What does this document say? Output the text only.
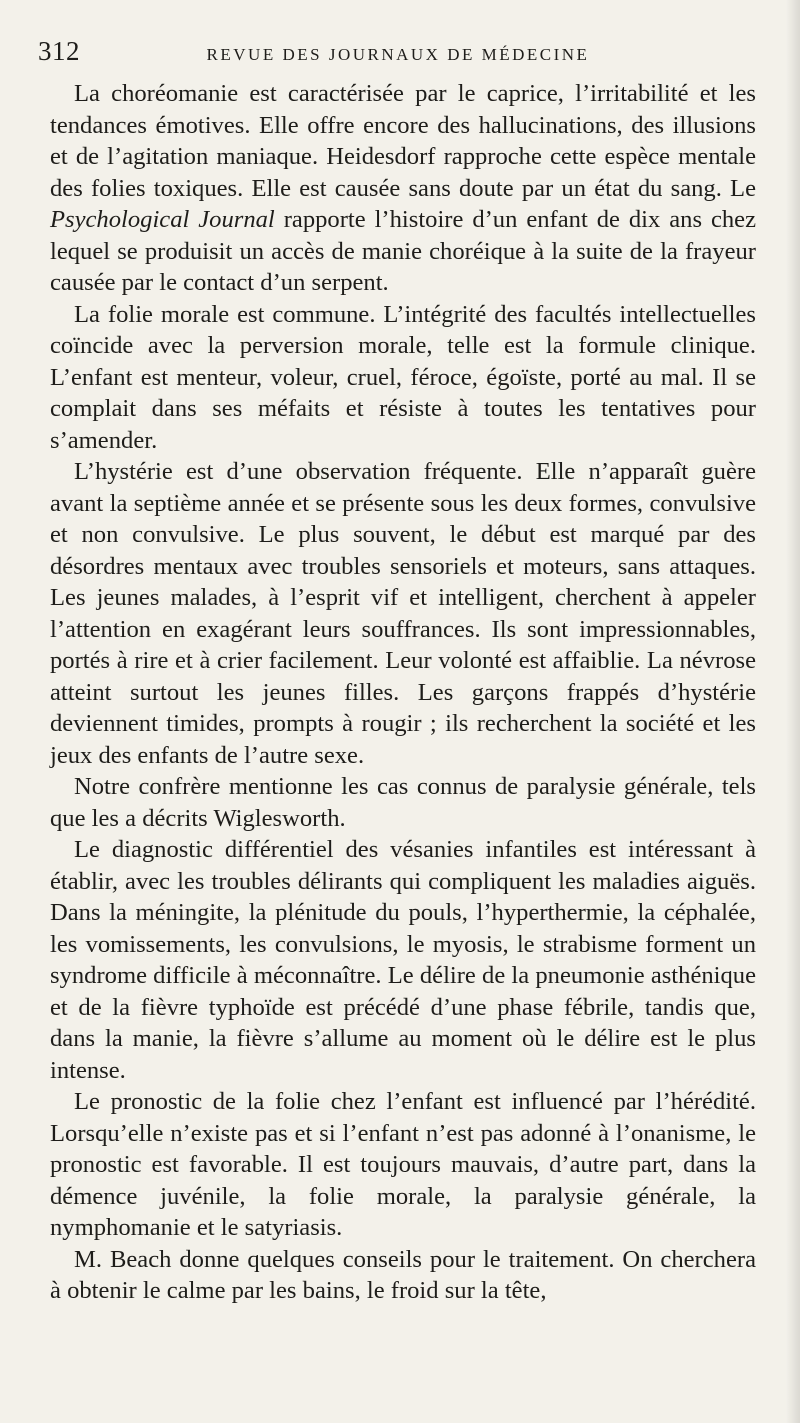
312	REVUE DES JOURNAUX DE MÉDECINE

La choréomanie est caractérisée par le caprice, l’irritabilité et les tendances émotives. Elle offre encore des hallucinations, des illusions et de l’agitation maniaque. Heidesdorf rapproche cette espèce mentale des folies toxiques. Elle est causée sans doute par un état du sang. Le Psychological Journal rapporte l’histoire d’un enfant de dix ans chez lequel se produisit un accès de manie choréique à la suite de la frayeur causée par le contact d’un serpent.

La folie morale est commune. L’intégrité des facultés intellectuelles coïncide avec la perversion morale, telle est la formule clinique. L’enfant est menteur, voleur, cruel, féroce, égoïste, porté au mal. Il se complait dans ses méfaits et résiste à toutes les tentatives pour s’amender.

L’hystérie est d’une observation fréquente. Elle n’apparaît guère avant la septième année et se présente sous les deux formes, convulsive et non convulsive. Le plus souvent, le début est marqué par des désordres mentaux avec troubles sensoriels et moteurs, sans attaques. Les jeunes malades, à l’esprit vif et intelligent, cherchent à appeler l’attention en exagérant leurs souffrances. Ils sont impressionnables, portés à rire et à crier facilement. Leur volonté est affaiblie. La névrose atteint surtout les jeunes filles. Les garçons frappés d’hystérie deviennent timides, prompts à rougir ; ils recherchent la société et les jeux des enfants de l’autre sexe.

Notre confrère mentionne les cas connus de paralysie générale, tels que les a décrits Wiglesworth.

Le diagnostic différentiel des vésanies infantiles est intéressant à établir, avec les troubles délirants qui compliquent les maladies aiguës. Dans la méningite, la plénitude du pouls, l’hyperthermie, la céphalée, les vomissements, les convulsions, le myosis, le strabisme forment un syndrome difficile à méconnaître. Le délire de la pneumonie asthénique et de la fièvre typhoïde est précédé d’une phase fébrile, tandis que, dans la manie, la fièvre s’allume au moment où le délire est le plus intense.

Le pronostic de la folie chez l’enfant est influencé par l’hérédité. Lorsqu’elle n’existe pas et si l’enfant n’est pas adonné à l’onanisme, le pronostic est favorable. Il est toujours mauvais, d’autre part, dans la démence juvénile, la folie morale, la paralysie générale, la nymphomanie et le satyriasis.

M. Beach donne quelques conseils pour le traitement. On cherchera à obtenir le calme par les bains, le froid sur la tête,
